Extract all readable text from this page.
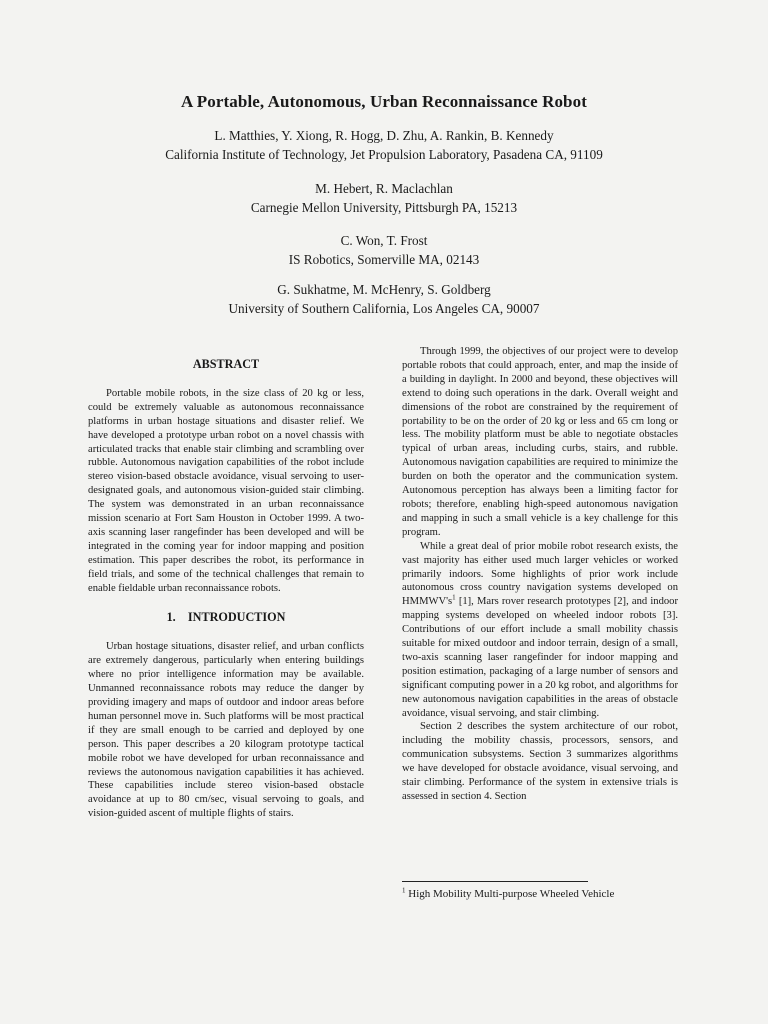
A Portable, Autonomous, Urban Reconnaissance Robot
L. Matthies, Y. Xiong, R. Hogg, D. Zhu, A. Rankin, B. Kennedy
California Institute of Technology, Jet Propulsion Laboratory, Pasadena CA, 91109
M. Hebert, R. Maclachlan
Carnegie Mellon University, Pittsburgh PA, 15213
C. Won, T. Frost
IS Robotics, Somerville MA, 02143
G. Sukhatme, M. McHenry, S. Goldberg
University of Southern California, Los Angeles CA, 90007
ABSTRACT

Portable mobile robots, in the size class of 20 kg or less, could be extremely valuable as autonomous reconnaissance platforms in urban hostage situations and disaster relief. We have developed a prototype urban robot on a novel chassis with articulated tracks that enable stair climbing and scrambling over rubble. Autonomous navigation capabilities of the robot include stereo vision-based obstacle avoidance, visual servoing to user-designated goals, and autonomous vision-guided stair climbing. The system was demonstrated in an urban reconnaissance mission scenario at Fort Sam Houston in October 1999. A two-axis scanning laser rangefinder has been developed and will be integrated in the coming year for indoor mapping and position estimation. This paper describes the robot, its performance in field trials, and some of the technical challenges that remain to enable fieldable urban reconnaissance robots.

1.    INTRODUCTION

Urban hostage situations, disaster relief, and urban conflicts are extremely dangerous, particularly when entering buildings where no prior intelligence information may be available. Unmanned reconnaissance robots may reduce the danger by providing imagery and maps of outdoor and indoor areas before human personnel move in. Such platforms will be most practical if they are small enough to be carried and deployed by one person. This paper describes a 20 kilogram prototype tactical mobile robot we have developed for urban reconnaissance and reviews the autonomous navigation capabilities it has achieved. These capabilities include stereo vision-based obstacle avoidance at up to 80 cm/sec, visual servoing to goals, and vision-guided ascent of multiple flights of stairs.

Through 1999, the objectives of our project were to develop portable robots that could approach, enter, and map the inside of a building in daylight. In 2000 and beyond, these objectives will extend to doing such operations in the dark. Overall weight and dimensions of the robot are constrained by the requirement of portability to be on the order of 20 kg or less and 65 cm long or less. The mobility platform must be able to negotiate obstacles typical of urban areas, including curbs, stairs, and rubble. Autonomous navigation capabilities are required to minimize the burden on both the operator and the communication system. Autonomous perception has always been a limiting factor for robots; therefore, enabling high-speed autonomous navigation and mapping in such a small vehicle is a key challenge for this program.

While a great deal of prior mobile robot research exists, the vast majority has either used much larger vehicles or worked primarily indoors. Some highlights of prior work include autonomous cross country navigation systems developed on $HMMWV's^1$ [1], Mars rover research prototypes [2], and indoor mapping systems developed on wheeled indoor robots [3]. Contributions of our effort include a small mobility chassis suitable for mixed outdoor and indoor terrain, design of a small, two-axis scanning laser rangefinder for indoor mapping and position estimation, packaging of a large number of sensors and significant computing power in a 20 kg robot, and algorithms for new autonomous navigation capabilities in the areas of obstacle avoidance, visual servoing, and stair climbing.

Section 2 describes the system architecture of our robot, including the mobility chassis, processors, sensors, and communication subsystems. Section 3 summarizes algorithms we have developed for obstacle avoidance, visual servoing, and stair climbing. Performance of the system in extensive trials is assessed in section 4. Section

$^1$ High Mobility Multi-purpose Wheeled Vehicle
